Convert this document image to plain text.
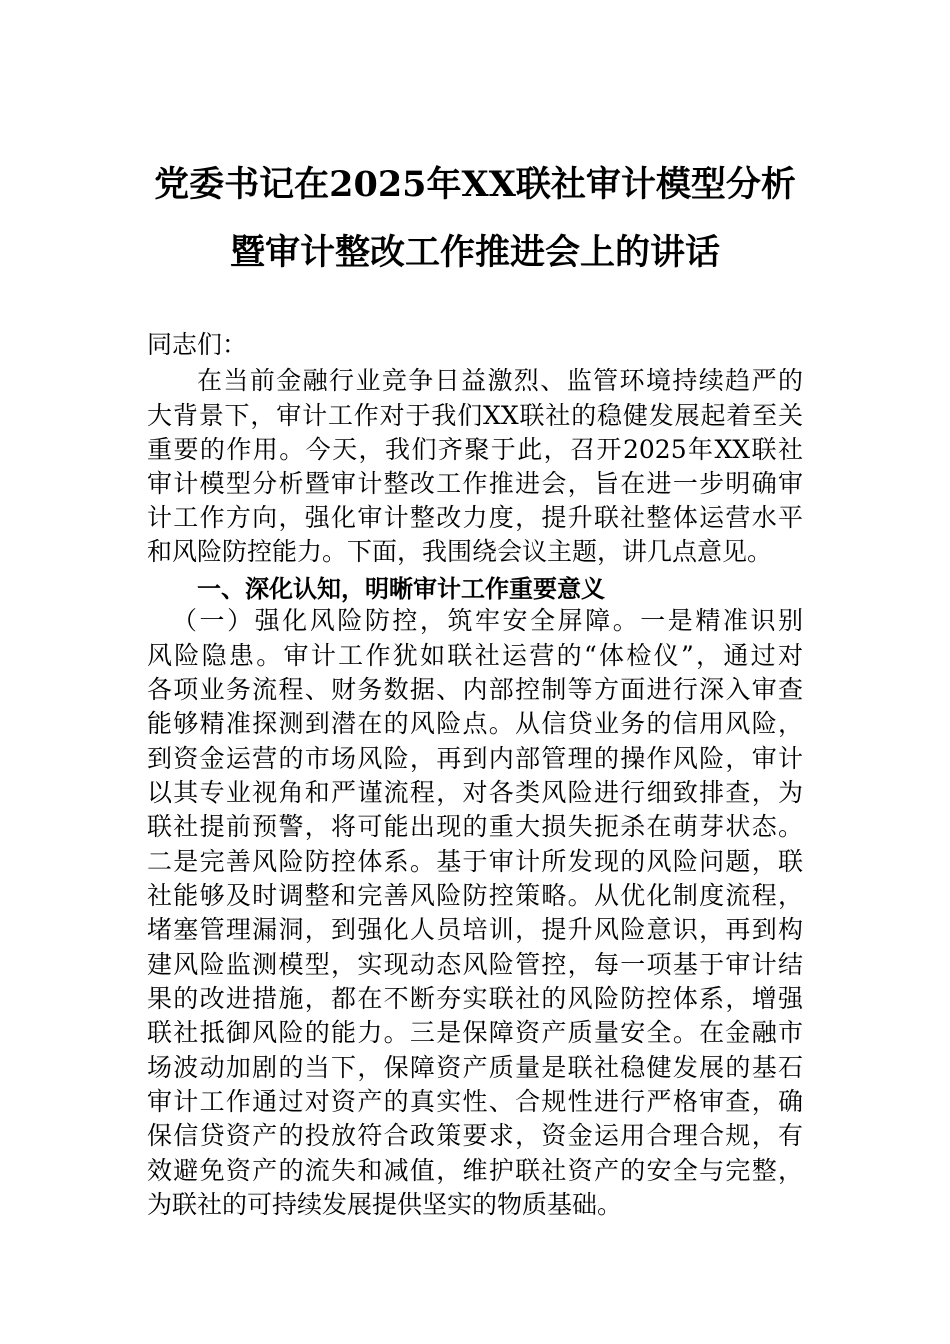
党委书记在2025年XX联社审计模型分析
暨审计整改工作推进会上的讲话
同志们：
在当前金融行业竞争日益激烈、监管环境持续趋严的
大背景下，审计工作对于我们XX联社的稳健发展起着至关
重要的作用。今天，我们齐聚于此，召开2025年XX联社
审计模型分析暨审计整改工作推进会，旨在进一步明确审
计工作方向，强化审计整改力度，提升联社整体运营水平
和风险防控能力。下面，我围绕会议主题，讲几点意见。
一、深化认知，明晰审计工作重要意义
（一）强化风险防控，筑牢安全屏障。一是精准识别
风险隐患。审计工作犹如联社运营的“体检仪”，通过对
各项业务流程、财务数据、内部控制等方面进行深入审查
能够精准探测到潜在的风险点。从信贷业务的信用风险，
到资金运营的市场风险，再到内部管理的操作风险，审计
以其专业视角和严谨流程，对各类风险进行细致排查，为
联社提前预警，将可能出现的重大损失扼杀在萌芽状态。
二是完善风险防控体系。基于审计所发现的风险问题，联
社能够及时调整和完善风险防控策略。从优化制度流程，
堵塞管理漏洞，到强化人员培训，提升风险意识，再到构
建风险监测模型，实现动态风险管控，每一项基于审计结
果的改进措施，都在不断夯实联社的风险防控体系，增强
联社抵御风险的能力。三是保障资产质量安全。在金融市
场波动加剧的当下，保障资产质量是联社稳健发展的基石
审计工作通过对资产的真实性、合规性进行严格审查，确
保信贷资产的投放符合政策要求，资金运用合理合规，有
效避免资产的流失和减值，维护联社资产的安全与完整，
为联社的可持续发展提供坚实的物质基础。
